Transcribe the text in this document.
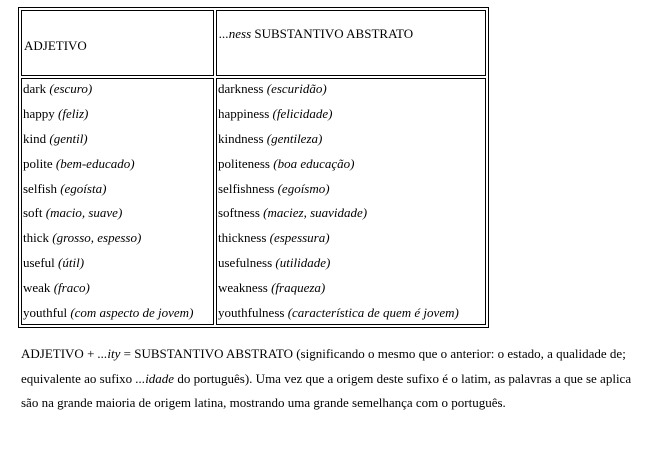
ADJETIVO
...ness SUBSTANTIVO ABSTRATO
dark (escuro)
happy (feliz)
kind (gentil)
polite (bem-educado)
selfish (egoísta)
soft (macio, suave)
thick (grosso, espesso)
useful (útil)
weak (fraco)
youthful (com aspecto de jovem)
darkness (escuridão)
happiness (felicidade)
kindness (gentileza)
politeness (boa educação)
selfishness (egoísmo)
softness (maciez, suavidade)
thickness (espessura)
usefulness (utilidade)
weakness (fraqueza)
youthfulness (característica de quem é jovem)

ADJETIVO + ...ity = SUBSTANTIVO ABSTRATO (significando o mesmo que o anterior: o estado, a qualidade de; equivalente ao sufixo ...idade do português). Uma vez que a origem deste sufixo é o latim, as palavras a que se aplica são na grande maioria de origem latina, mostrando uma grande semelhança com o português.
